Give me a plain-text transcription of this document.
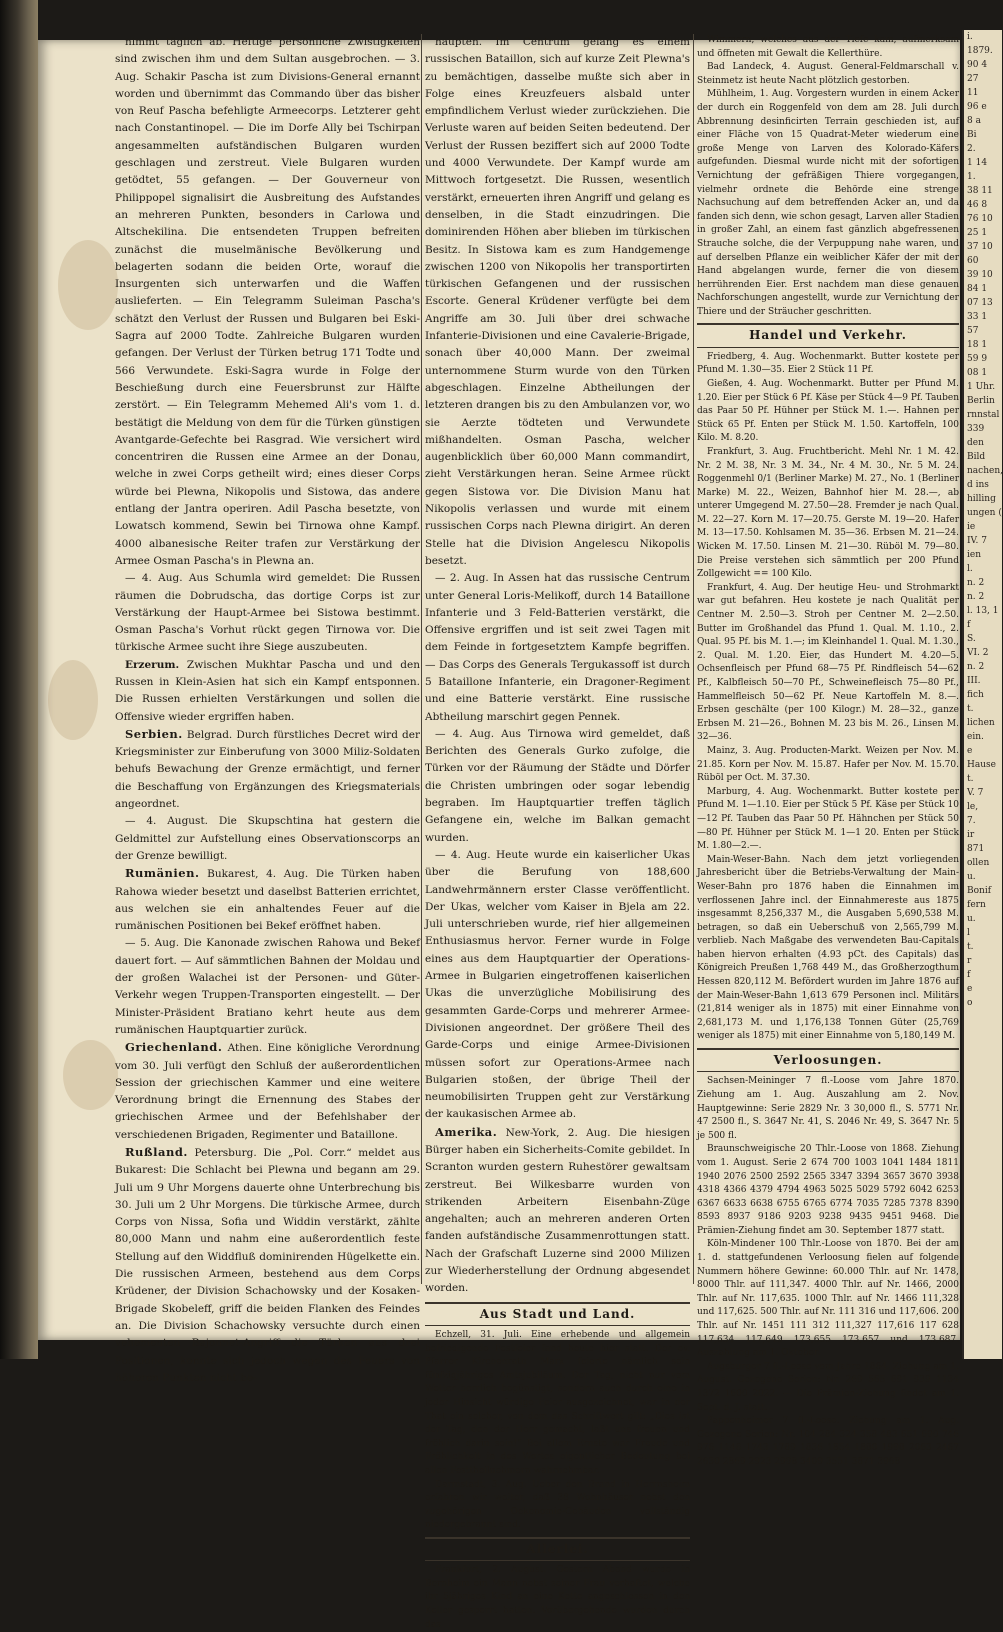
nimmt täglich ab. Heftige persönliche Zwistigkeiten sind zwischen ihm und dem Sultan ausgebrochen. — 3. Aug. Schakir Pascha ist zum Divisions-General ernannt worden und übernimmt das Commando über das bisher von Reuf Pascha befehligte Armeecorps. Letzterer geht nach Constantinopel. — Die im Dorfe Ally bei Tschirpan angesammelten aufständischen Bulgaren wurden geschlagen und zerstreut. Viele Bulgaren wurden getödtet, 55 gefangen. — Der Gouverneur von Philippopel signalisirt die Ausbreitung des Aufstandes an mehreren Punkten, besonders in Carlowa und Altschekilina. Die entsendeten Truppen befreiten zunächst die muselmänische Bevölkerung und belagerten sodann die beiden Orte, worauf die Insurgenten sich unterwarfen und die Waffen auslieferten. — Ein Telegramm Suleiman Pascha's schätzt den Verlust der Russen und Bulgaren bei Eski-Sagra auf 2000 Todte. Zahlreiche Bulgaren wurden gefangen. Der Verlust der Türken betrug 171 Todte und 566 Verwundete. Eski-Sagra wurde in Folge der Beschießung durch eine Feuersbrunst zur Hälfte zerstört. — Ein Telegramm Mehemed Ali's vom 1. d. bestätigt die Meldung von dem für die Türken günstigen Avantgarde-Gefechte bei Rasgrad. Wie versichert wird concentriren die Russen eine Armee an der Donau, welche in zwei Corps getheilt wird; eines dieser Corps würde bei Plewna, Nikopolis und Sistowa, das andere entlang der Jantra operiren. Adil Pascha besetzte, von Lowatsch kommend, Sewin bei Tirnowa ohne Kampf. 4000 albanesische Reiter trafen zur Verstärkung der Armee Osman Pascha's in Plewna an.

— 4. Aug. Aus Schumla wird gemeldet: Die Russen räumen die Dobrudscha, das dortige Corps ist zur Verstärkung der Haupt-Armee bei Sistowa bestimmt. Osman Pascha's Vorhut rückt gegen Tirnowa vor. Die türkische Armee sucht ihre Siege auszubeuten.

Erzerum. Zwischen Mukhtar Pascha und und den Russen in Klein-Asien hat sich ein Kampf entsponnen. Die Russen erhielten Verstärkungen und sollen die Offensive wieder ergriffen haben.

Serbien. Belgrad. Durch fürstliches Decret wird der Kriegsminister zur Einberufung von 3000 Miliz-Soldaten behufs Bewachung der Grenze ermächtigt, und ferner die Beschaffung von Ergänzungen des Kriegsmaterials angeordnet.

— 4. August. Die Skupschtina hat gestern die Geldmittel zur Aufstellung eines Observationscorps an der Grenze bewilligt.

Rumänien. Bukarest, 4. Aug. Die Türken haben Rahowa wieder besetzt und daselbst Batterien errichtet, aus welchen sie ein anhaltendes Feuer auf die rumänischen Positionen bei Bekef eröffnet haben.

— 5. Aug. Die Kanonade zwischen Rahowa und Bekef dauert fort. — Auf sämmtlichen Bahnen der Moldau und der großen Walachei ist der Personen- und Güter-Verkehr wegen Truppen-Transporten eingestellt. — Der Minister-Präsident Bratiano kehrt heute aus dem rumänischen Hauptquartier zurück.

Griechenland. Athen. Eine königliche Verordnung vom 30. Juli verfügt den Schluß der außerordentlichen Session der griechischen Kammer und eine weitere Verordnung bringt die Ernennung des Stabes der griechischen Armee und der Befehlshaber der verschiedenen Brigaden, Regimenter und Bataillone.

Rußland. Petersburg. Die „Pol. Corr.“ meldet aus Bukarest: Die Schlacht bei Plewna und begann am 29. Juli um 9 Uhr Morgens dauerte ohne Unterbrechung bis 30. Juli um 2 Uhr Morgens. Die türkische Armee, durch Corps von Nissa, Sofia und Widdin verstärkt, zählte 80,000 Mann und nahm eine außerordentlich feste Stellung auf den Widdfluß dominirenden Hügelkette ein. Die russischen Armeen, bestehend aus dem Corps Krüdener, der Division Schachowsky und der Kosaken-Brigade Skobeleff, griff die beiden Flanken des Feindes an. Die Division Schachowsky versuchte durch einen vehementen Bajonnet-Angriff die Türken aus drei Positionen, konnte sich jedoch wegen des Feuers von höheren Punkten nicht be-

haupten. Im Centrum gelang es einem russischen Bataillon, sich auf kurze Zeit Plewna's zu bemächtigen, dasselbe mußte sich aber in Folge eines Kreuzfeuers alsbald unter empfindlichem Verlust wieder zurückziehen. Die Verluste waren auf beiden Seiten bedeutend. Der Verlust der Russen beziffert sich auf 2000 Todte und 4000 Verwundete. Der Kampf wurde am Mittwoch fortgesetzt. Die Russen, wesentlich verstärkt, erneuerten ihren Angriff und gelang es denselben, in die Stadt einzudringen. Die dominirenden Höhen aber blieben im türkischen Besitz. In Sistowa kam es zum Handgemenge zwischen 1200 von Nikopolis her transportirten türkischen Gefangenen und der russischen Escorte. General Krüdener verfügte bei dem Angriffe am 30. Juli über drei schwache Infanterie-Divisionen und eine Cavalerie-Brigade, sonach über 40,000 Mann. Der zweimal unternommene Sturm wurde von den Türken abgeschlagen. Einzelne Abtheilungen der letzteren drangen bis zu den Ambulanzen vor, wo sie Aerzte tödteten und Verwundete mißhandelten. Osman Pascha, welcher augenblicklich über 60,000 Mann commandirt, zieht Verstärkungen heran. Seine Armee rückt gegen Sistowa vor. Die Division Manu hat Nikopolis verlassen und wurde mit einem russischen Corps nach Plewna dirigirt. An deren Stelle hat die Division Angelescu Nikopolis besetzt.

— 2. Aug. In Assen hat das russische Centrum unter General Loris-Melikoff, durch 14 Bataillone Infanterie und 3 Feld-Batterien verstärkt, die Offensive ergriffen und ist seit zwei Tagen mit dem Feinde in fortgesetztem Kampfe begriffen. — Das Corps des Generals Tergukassoff ist durch 5 Bataillone Infanterie, ein Dragoner-Regiment und eine Batterie verstärkt. Eine russische Abtheilung marschirt gegen Pennek.

— 4. Aug. Aus Tirnowa wird gemeldet, daß Berichten des Generals Gurko zufolge, die Türken vor der Räumung der Städte und Dörfer die Christen umbringen oder sogar lebendig begraben. Im Hauptquartier treffen täglich Gefangene ein, welche im Balkan gemacht wurden.

— 4. Aug. Heute wurde ein kaiserlicher Ukas über die Berufung von 188,600 Landwehrmännern erster Classe veröffentlicht. Der Ukas, welcher vom Kaiser in Bjela am 22. Juli unterschrieben wurde, rief hier allgemeinen Enthusiasmus hervor. Ferner wurde in Folge eines aus dem Hauptquartier der Operations-Armee in Bulgarien eingetroffenen kaiserlichen Ukas die unverzügliche Mobilisirung des gesammten Garde-Corps und mehrerer Armee-Divisionen angeordnet. Der größere Theil des Garde-Corps und einige Armee-Divisionen müssen sofort zur Operations-Armee nach Bulgarien stoßen, der übrige Theil der neumobilisirten Truppen geht zur Verstärkung der kaukasischen Armee ab.

Amerika. New-York, 2. Aug. Die hiesigen Bürger haben ein Sicherheits-Comite gebildet. In Scranton wurden gestern Ruhestörer gewaltsam zerstreut. Bei Wilkesbarre wurden von strikenden Arbeitern Eisenbahn-Züge angehalten; auch an mehreren anderen Orten fanden aufständische Zusammenrottungen statt. Nach der Grafschaft Luzerne sind 2000 Milizen zur Wiederherstellung der Ordnung abgesendet worden.

Aus Stadt und Land.

Echzell, 31. Juli. Eine erhebende und allgemein befriedigende Festfeier fand heute hier statt. Der ev. Pfarrer Kirchenrath Marx feierte nämlich sein fünfzigjähriges Amtsjubiläum. Der Tag, nicht nur vom Wetter herrlich begünstigt, sondern auch durch eine in jeder Hinsicht würdige Feier ausgezeichnet, war in der That ein solcher, von dem das Schriftwort gilt: „Dies ist der Tag, den der Herr gemacht, laßt uns freuen und fröhlich darin sein!“ Bei allem Ernste war Freude und Fröhlichkeit in des Wortes eigentlicher Bedeutung bei allen Festtheilnehmern wahrnehmbar.

Darmstadt, 3. Aug. Ueber den Brand in Herrnsheim erfahren wir weiter, daß 38 Wohnhäuser nebst den zugehörigen Oekonomie-Gebäuden vollständig niedergebrannt sind.

Allerlei.

Frankfurt, 2. August. Gestern Abend wurde in Bornheim ein Mann nebst seiner Frau verhaftet, welche ihr 5jähriges Kind an eine Kette angeschlossen in den Keller gesperrt hatten. Vorübergehende wurden durch das

Wimmern, welches aus der Tiefe kam, aufmerksam und öffneten mit Gewalt die Kellerthüre.

Bad Landeck, 4. August. General-Feldmarschall v. Steinmetz ist heute Nacht plötzlich gestorben.

Mühlheim, 1. Aug. Vorgestern wurden in einem Acker der durch ein Roggenfeld von dem am 28. Juli durch Abbrennung desinficirten Terrain geschieden ist, auf einer Fläche von 15 Quadrat-Meter wiederum eine große Menge von Larven des Kolorado-Käfers aufgefunden. Diesmal wurde nicht mit der sofortigen Vernichtung der gefräßigen Thiere vorgegangen, vielmehr ordnete die Behörde eine strenge Nachsuchung auf dem betreffenden Acker an, und da fanden sich denn, wie schon gesagt, Larven aller Stadien in großer Zahl, an einem fast gänzlich abgefressenen Strauche solche, die der Verpuppung nahe waren, und auf derselben Pflanze ein weiblicher Käfer der mit der Hand abgelangen wurde, ferner die von diesem herrührenden Eier. Erst nachdem man diese genauen Nachforschungen angestellt, wurde zur Vernichtung der Thiere und der Sträucher geschritten.

Handel und Verkehr.

Friedberg, 4. Aug. Wochenmarkt. Butter kostete per Pfund M. 1.30—35. Eier 2 Stück 11 Pf.

Gießen, 4. Aug. Wochenmarkt. Butter per Pfund M. 1.20. Eier per Stück 6 Pf. Käse per Stück 4—9 Pf. Tauben das Paar 50 Pf. Hühner per Stück M. 1.—. Hahnen per Stück 65 Pf. Enten per Stück M. 1.50. Kartoffeln, 100 Kilo. M. 8.20.

Frankfurt, 3. Aug. Fruchtbericht. Mehl Nr. 1 M. 42. Nr. 2 M. 38, Nr. 3 M. 34., Nr. 4 M. 30., Nr. 5 M. 24. Roggenmehl 0/1 (Berliner Marke) M. 27., No. 1 (Berliner Marke) M. 22., Weizen, Bahnhof hier M. 28.—, ab unterer Umgegend M. 27.50—28. Fremder je nach Qual. M. 22—27. Korn M. 17—20.75. Gerste M. 19—20. Hafer M. 13—17.50. Kohlsamen M. 35—36. Erbsen M. 21—24. Wicken M. 17.50. Linsen M. 21—30. Rüböl M. 79—80. Die Preise verstehen sich sämmtlich per 200 Pfund Zollgewicht == 100 Kilo.

Frankfurt, 4. Aug. Der heutige Heu- und Strohmarkt war gut befahren. Heu kostete je nach Qualität per Centner M. 2.50—3. Stroh per Centner M. 2—2.50. Butter im Großhandel das Pfund 1. Qual. M. 1.10., 2. Qual. 95 Pf. bis M. 1.—; im Kleinhandel 1. Qual. M. 1.30., 2. Qual. M. 1.20. Eier, das Hundert M. 4.20—5. Ochsenfleisch per Pfund 68—75 Pf. Rindfleisch 54—62 Pf., Kalbfleisch 50—70 Pf., Schweinefleisch 75—80 Pf., Hammelfleisch 50—62 Pf. Neue Kartoffeln M. 8.—. Erbsen geschälte (per 100 Kilogr.) M. 28—32., ganze Erbsen M. 21—26., Bohnen M. 23 bis M. 26., Linsen M. 32—36.

Mainz, 3. Aug. Producten-Markt. Weizen per Nov. M. 21.85. Korn per Nov. M. 15.87. Hafer per Nov. M. 15.70. Rüböl per Oct. M. 37.30.

Marburg, 4. Aug. Wochenmarkt. Butter kostete per Pfund M. 1—1.10. Eier per Stück 5 Pf. Käse per Stück 10—12 Pf. Tauben das Paar 50 Pf. Hähnchen per Stück 50—80 Pf. Hühner per Stück M. 1—1 20. Enten per Stück M. 1.80—2.—.

Main-Weser-Bahn. Nach dem jetzt vorliegenden Jahresbericht über die Betriebs-Verwaltung der Main-Weser-Bahn pro 1876 haben die Einnahmen im verflossenen Jahre incl. der Einnahmereste aus 1875 insgesammt 8,256,337 M., die Ausgaben 5,690,538 M. betragen, so daß ein Ueberschuß von 2,565,799 M. verblieb. Nach Maßgabe des verwendeten Bau-Capitals haben hiervon erhalten (4.93 pCt. des Capitals) das Königreich Preußen 1,768 449 M., das Großherzogthum Hessen 820,112 M. Befördert wurden im Jahre 1876 auf der Main-Weser-Bahn 1,613 679 Personen incl. Militärs (21,814 weniger als in 1875) mit einer Einnahme von 2,681,173 M. und 1,176,138 Tonnen Güter (25,769 weniger als 1875) mit einer Einnahme von 5,180,149 M.

Verloosungen.

Sachsen-Meininger 7 fl.-Loose vom Jahre 1870. Ziehung am 1. Aug. Auszahlung am 2. Nov. Hauptgewinne: Serie 2829 Nr. 3 30,000 fl., S. 5771 Nr. 47 2500 fl., S. 3647 Nr. 41, S. 2046 Nr. 49, S. 3647 Nr. 5 je 500 fl.

Braunschweigische 20 Thlr.-Loose von 1868. Ziehung vom 1. August. Serie 2 674 700 1003 1041 1484 1811 1940 2076 2500 2592 2565 3347 3394 3657 3670 3938 4318 4366 4379 4794 4963 5025 5029 5792 6042 6253 6367 6633 6638 6755 6765 6774 7035 7285 7378 8390 8593 8937 9186 9203 9238 9435 9451 9468. Die Prämien-Ziehung findet am 30. September 1877 statt.

Köln-Mindener 100 Thlr.-Loose von 1870. Bei der am 1. d. stattgefundenen Verloosung fielen auf folgende Nummern höhere Gewinne: 60.000 Thlr. auf Nr. 1478, 8000 Thlr. auf 111,347. 4000 Thlr. auf Nr. 1466, 2000 Thlr. auf Nr. 117,635. 1000 Thlr. auf Nr. 1466 111,328 und 117,625. 500 Thlr. auf Nr. 111 316 und 117,606. 200 Thlr. auf Nr. 1451 111 312 111,327 117,616 117 628 117,634 117,649 173,655 173,657 und 173,687. Auszahlung am 1. Oktober.

Augsburger 7 fl.-Loose vom Jahre 1864. Ziehung am 1. August. Gezogene Serien: Nr. 269 565 691 939 1134 1372 1600 2022. — Die Prämien-Ziehung findet am 1. Sept. d. J. statt.

Pappenheimer 7 fl.-Loose. Ziehung am 1. Aug. Gezogene Serien: Nr. 104 284 324 358 483 651 690 746 976 1146 1743 1789 1836 1854 1880 1998 2063 2467 2630 2869 2923 2998 3409 3551 3871 3968

i.
1879.
90 4
27
11
96 e
8 a
Bi
2.
1 14
1.
38 11
46 8
76 10
25 1
37 10
60
39 10
84 1
07 13
33 1
57
18 1
59 9
08 1
1 Uhr.
Berlin
rnnstal
339
den
Bild
nachen,
d ins
hilling
ungen (
ie
IV. 7
ien
l.
n. 2
n. 2
l. 13, 1
f
S.
VI. 2
n. 2
III.
fich
t.
lichen
ein.
e
Hause
t.
V. 7
le,
7.
ir
871
ollen
u.
Bonif
fern
u.
l
t.
r
f
e
o
